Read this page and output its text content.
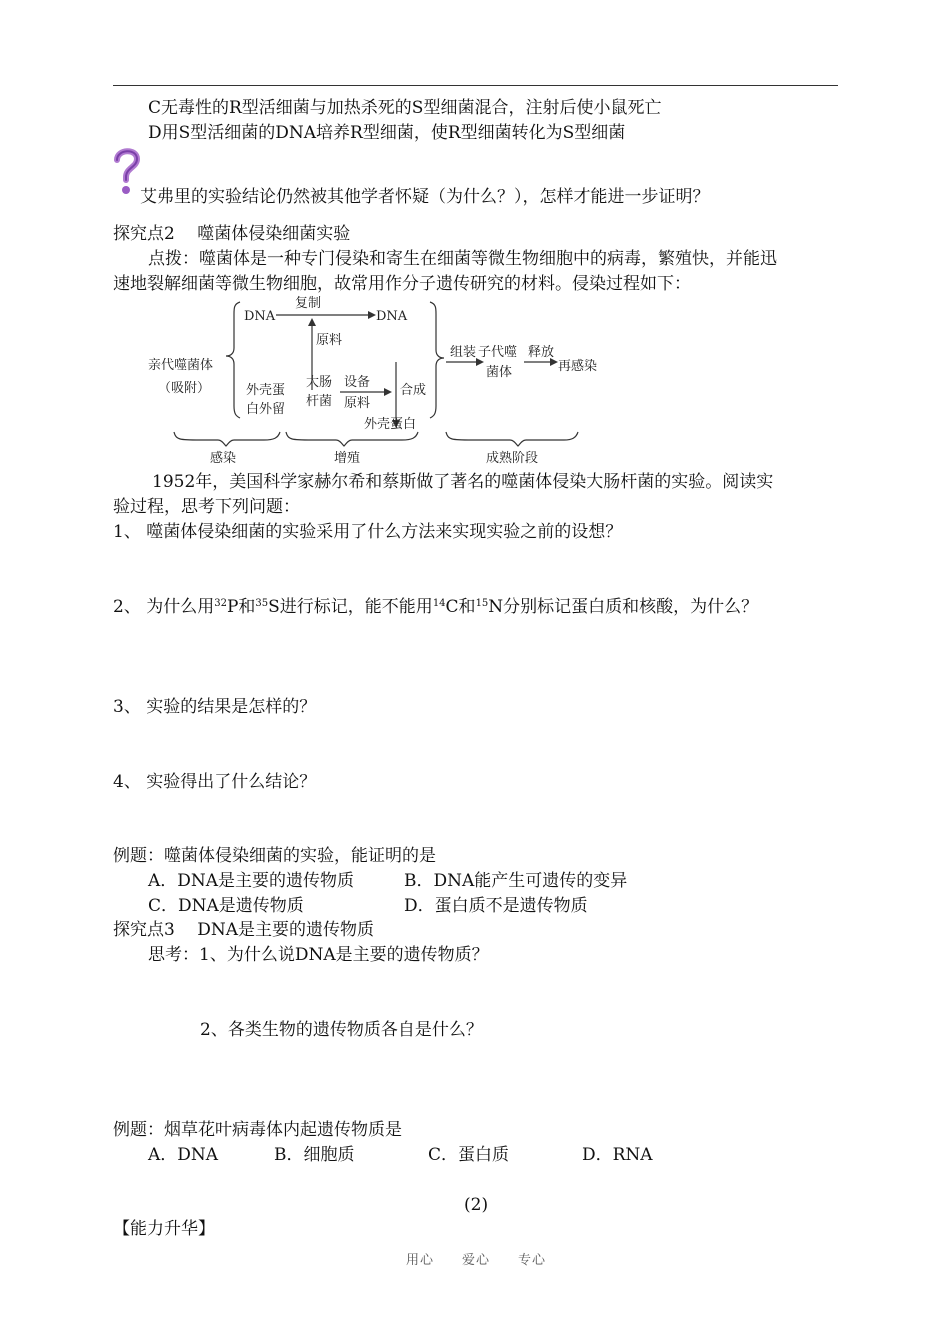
C无毒性的R型活细菌与加热杀死的S型细菌混合，注射后使小鼠死亡
D用S型活细菌的DNA培养R型细菌，使R型细菌转化为S型细菌
艾弗里的实验结论仍然被其他学者怀疑（为什么？），怎样才能进一步证明？
探究点2　 噬菌体侵染细菌实验
点拨：噬菌体是一种专门侵染和寄生在细菌等微生物细胞中的病毒，繁殖快，并能迅
速地裂解细菌等微生物细胞，故常用作分子遗传研究的材料。侵染过程如下：
DNA	DNA
复制
原料
亲代噬菌体
（吸附）	外壳蛋
白外留
大肠
杆菌
设备
原料
合成
外壳蛋白
组装 子代噬
菌体
释放
再感染
感染	增殖	成熟阶段
1952年，美国科学家赫尔希和蔡斯做了著名的噬菌体侵染大肠杆菌的实验。阅读实
验过程，思考下列问题：
1、 噬菌体侵染细菌的实验采用了什么方法来实现实验之前的设想？
2、 为什么用$^{32}$P和$^{35}$S进行标记，能不能用$^{14}$C和$^{15}$N分别标记蛋白质和核酸，为什么？
3、 实验的结果是怎样的？
4、 实验得出了什么结论？
例题：噬菌体侵染细菌的实验，能证明的是
A．DNA是主要的遗传物质	B．DNA能产生可遗传的变异
C．DNA是遗传物质	D．蛋白质不是遗传物质
探究点3　 DNA是主要的遗传物质
思考：1、为什么说DNA是主要的遗传物质？
2、各类生物的遗传物质各自是什么？
例题：烟草花叶病毒体内起遗传物质是
A．DNA	B．细胞质	C．蛋白质	D．RNA
(2)
【能力升华】
用心　　爱心　　专心
